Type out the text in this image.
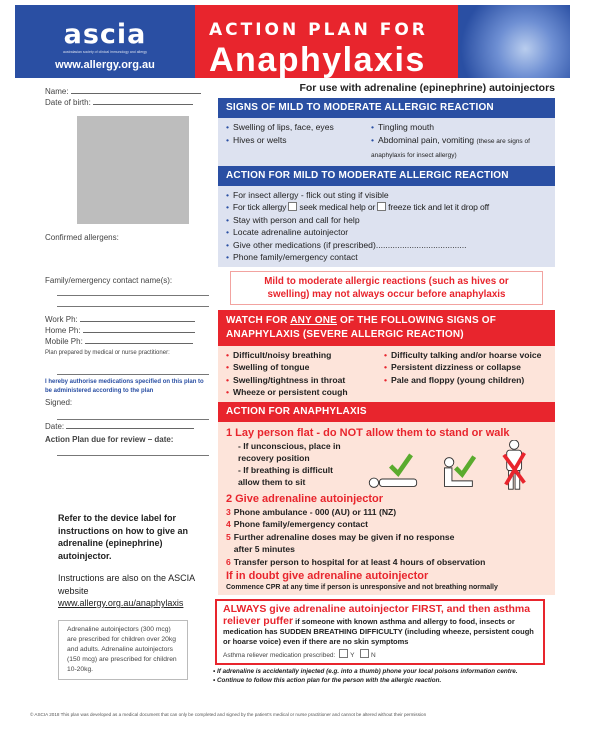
ascia
australasian society of clinical immunology and allergy
www.allergy.org.au
ACTION PLAN FOR
Anaphylaxis
For use with adrenaline (epinephrine) autoinjectors
Name:
Date of birth:
Confirmed allergens:
Family/emergency contact name(s):
Work Ph:
Home Ph:
Mobile Ph:
Plan prepared by medical or nurse practitioner:
I hereby authorise medications specified on this plan to be administered according to the plan
Signed:
Date:
Action Plan due for review – date:
Refer to the device label for instructions on how to give an adrenaline (epinephrine) autoinjector.
Instructions are also on the ASCIA website
www.allergy.org.au/anaphylaxis
Adrenaline autoinjectors (300 mcg) are prescribed for children over 20kg and adults. Adrenaline autoinjectors (150 mcg) are prescribed for children 10-20kg.
SIGNS OF MILD TO MODERATE ALLERGIC REACTION
• Swelling of lips, face, eyes
• Hives or welts
• Tingling mouth
• Abdominal pain, vomiting (these are signs of anaphylaxis for insect allergy)
ACTION FOR MILD TO MODERATE ALLERGIC REACTION
• For insect allergy - flick out sting if visible
• For tick allergy seek medical help or freeze tick and let it drop off
• Stay with person and call for help
• Locate adrenaline autoinjector
• Give other medications (if prescribed)......................................
• Phone family/emergency contact
Mild to moderate allergic reactions (such as hives or swelling) may not always occur before anaphylaxis
WATCH FOR ANY ONE OF THE FOLLOWING SIGNS OF ANAPHYLAXIS (SEVERE ALLERGIC REACTION)
• Difficult/noisy breathing
• Swelling of tongue
• Swelling/tightness in throat
• Wheeze or persistent cough
• Difficulty talking and/or hoarse voice
• Persistent dizziness or collapse
• Pale and floppy (young children)
ACTION FOR ANAPHYLAXIS
1 Lay person flat - do NOT allow them to stand or walk
- If unconscious, place in recovery position
- If breathing is difficult allow them to sit
2 Give adrenaline autoinjector
3 Phone ambulance - 000 (AU) or 111 (NZ)
4 Phone family/emergency contact
5 Further adrenaline doses may be given if no response after 5 minutes
6 Transfer person to hospital for at least 4 hours of observation
If in doubt give adrenaline autoinjector
Commence CPR at any time if person is unresponsive and not breathing normally
ALWAYS give adrenaline autoinjector FIRST, and then asthma reliever puffer if someone with known asthma and allergy to food, insects or medication has SUDDEN BREATHING DIFFICULTY (including wheeze, persistent cough or hoarse voice) even if there are no skin symptoms
Asthma reliever medication prescribed: Y	N
• If adrenaline is accidentally injected (e.g. into a thumb) phone your local poisons information centre.
• Continue to follow this action plan for the person with the allergic reaction.
© ASCIA 2018 This plan was developed as a medical document that can only be completed and signed by the patient's medical or nurse practitioner and cannot be altered without their permission
